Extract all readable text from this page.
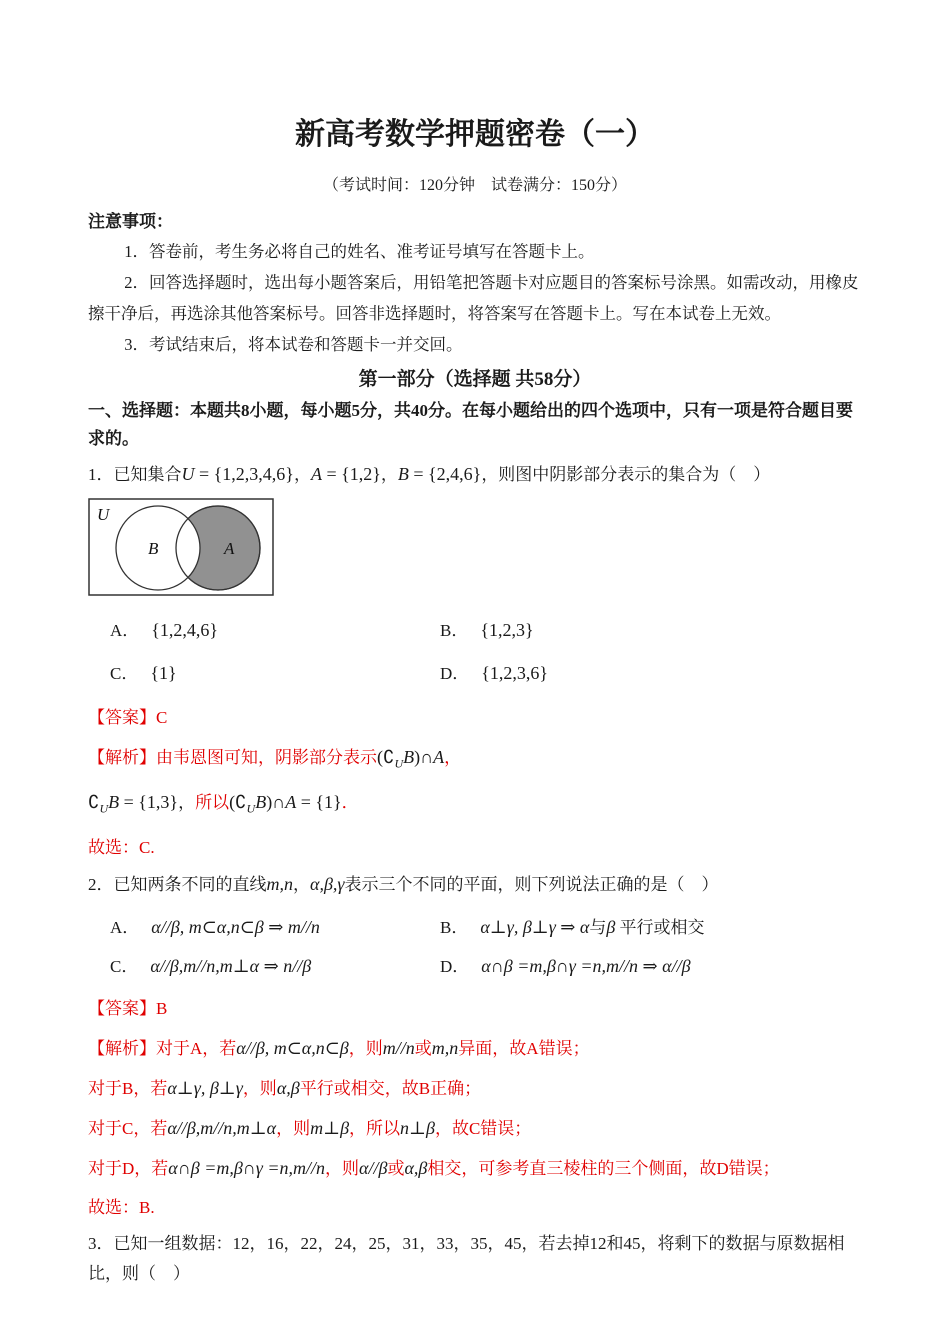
新高考数学押题密卷（一）

（考试时间：120分钟　试卷满分：150分）

注意事项：

1．答卷前，考生务必将自己的姓名、准考证号填写在答题卡上。

2．回答选择题时，选出每小题答案后，用铅笔把答题卡对应题目的答案标号涂黑。如需改动，用橡皮擦干净后，再选涂其他答案标号。回答非选择题时，将答案写在答题卡上。写在本试卷上无效。

3．考试结束后，将本试卷和答题卡一并交回。

第一部分（选择题 共58分）

一、选择题：本题共8小题，每小题5分，共40分。在每小题给出的四个选项中，只有一项是符合题目要求的。

1．已知集合U = {1,2,3,4,6}，A = {1,2}，B = {2,4,6}，则图中阴影部分表示的集合为（　）

U
B	A
A． {1,2,4,6}	B． {1,2,3}
C． {1}	D． {1,2,3,6}

【答案】C

【解析】由韦恩图可知，阴影部分表示$(∁_UB)\cap A$，

$∁_UB = \{1,3\}$，所以$(∁_UB)\cap A = \{1\}$．

故选：C.

2．已知两条不同的直线m,n，α,β,γ表示三个不同的平面，则下列说法正确的是（　）

A． α//β, m⊂α,n⊂β ⇒ m//n	B． α⊥γ, β⊥γ ⇒ α与β 平行或相交
C． α//β,m//n,m⊥α ⇒ n//β	D． α∩β =m,β∩γ =n,m//n ⇒ α//β

【答案】B

【解析】对于A，若α//β, m⊂α,n⊂β，则m//n或m,n异面，故A错误；

对于B，若α⊥γ, β⊥γ，则α,β平行或相交，故B正确；

对于C，若α//β,m//n,m⊥α，则m⊥β，所以n⊥β，故C错误；

对于D，若α∩β =m,β∩γ =n,m//n，则α//β或α,β相交，可参考直三棱柱的三个侧面，故D错误；

故选：B.

3．已知一组数据：12，16，22，24，25，31，33，35，45，若去掉12和45，将剩下的数据与原数据相比，则（　）
